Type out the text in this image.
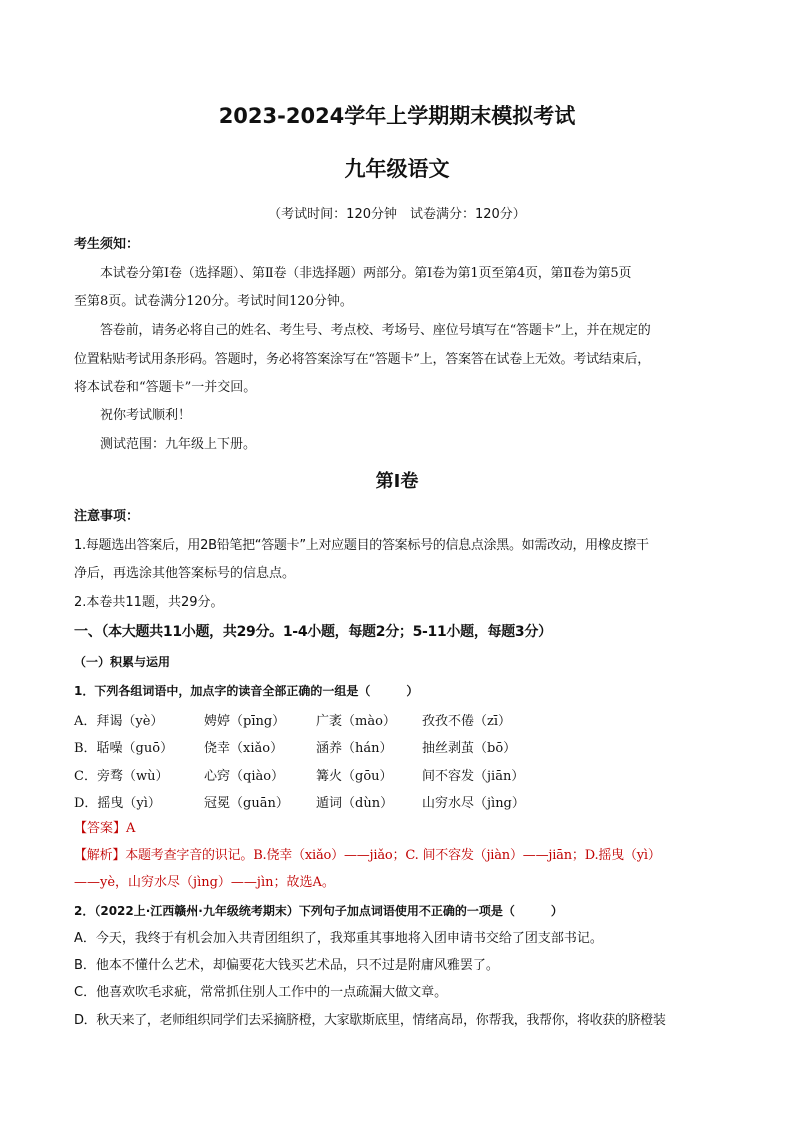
2023-2024学年上学期期末模拟考试
九年级语文
（考试时间：120分钟　试卷满分：120分）
考生须知：
本试卷分第Ⅰ卷（选择题）、第Ⅱ卷（非选择题）两部分。第Ⅰ卷为第1页至第4页，第Ⅱ卷为第5页
至第8页。试卷满分120分。考试时间120分钟。
答卷前，请务必将自己的姓名、考生号、考点校、考场号、座位号填写在“答题卡”上，并在规定的
位置粘贴考试用条形码。答题时，务必将答案涂写在“答题卡”上，答案答在试卷上无效。考试结束后，
将本试卷和“答题卡”一并交回。
祝你考试顺利！
测试范围：九年级上下册。
第Ⅰ卷
注意事项：
1.每题选出答案后，用2B铅笔把“答题卡”上对应题目的答案标号的信息点涂黑。如需改动，用橡皮擦干
净后，再选涂其他答案标号的信息点。
2.本卷共11题，共29分。
一、（本大题共11小题，共29分。1-4小题，每题2分；5-11小题，每题3分）
（一）积累与运用
1．下列各组词语中，加点字的读音全部正确的一组是（　　　）
A．拜谒（yè）	娉婷（pīng） 广袤（mào） 孜孜不倦（zī）
B．聒噪（guō） 侥幸（xiǎo）	涵养（hán） 抽丝剥茧（bō）
C．旁骛（wù）	心窍（qiào） 篝火（gōu） 间不容发（jiān）
D．摇曳（yì）	冠冕（guān） 遁词（dùn） 山穷水尽（jìng）
【答案】A
【解析】本题考查字音的识记。B.侥幸（xiǎo）——jiǎo；C. 间不容发（jiàn）——jiān；D.摇曳（yì）
——yè，山穷水尽（jìng）——jìn；故选A。
2．（2022上·江西赣州·九年级统考期末）下列句子加点词语使用不正确的一项是（　　　）
A．今天，我终于有机会加入共青团组织了，我郑重其事地将入团申请书交给了团支部书记。
B．他本不懂什么艺术，却偏要花大钱买艺术品，只不过是附庸风雅罢了。
C．他喜欢吹毛求疵，常常抓住别人工作中的一点疏漏大做文章。
D．秋天来了，老师组织同学们去采摘脐橙，大家歇斯底里，情绪高昂，你帮我，我帮你，将收获的脐橙装
